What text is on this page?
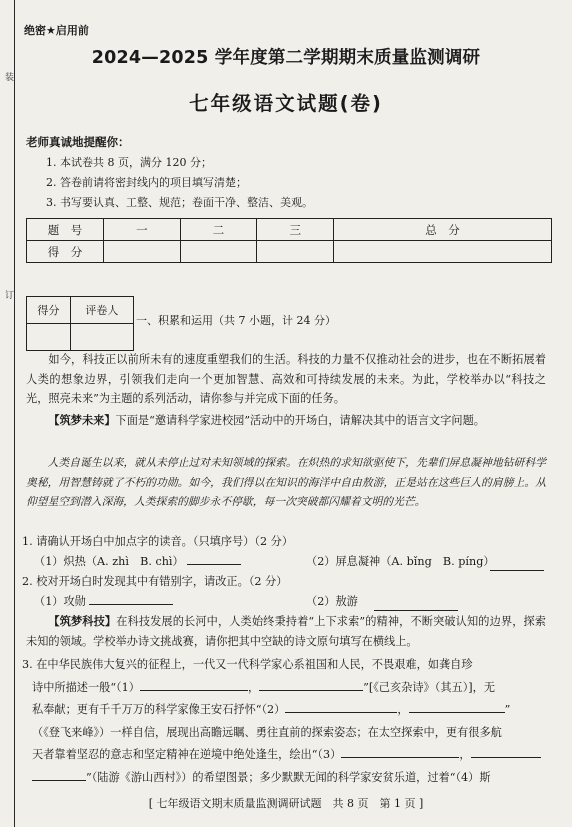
装
订
绝密★启用前
2024—2025 学年度第二学期期末质量监测调研
七年级语文试题(卷)
老师真诚地提醒你：
1. 本试卷共 8 页，满分 120 分；
2. 答卷前请将密封线内的项目填写清楚；
3. 书写要认真、工整、规范；卷面干净、整洁、美观。
题　号	一	二	三	总　分
得　分				
得分	评卷人

一、积累和运用（共 7 小题，计 24 分）

如今，科技正以前所未有的速度重塑我们的生活。科技的力量不仅推动社会的进步，也在不断拓展着人类的想象边界，引领我们走向一个更加智慧、高效和可持续发展的未来。为此，学校举办以“科技之光，照亮未来”为主题的系列活动，请你参与并完成下面的任务。

【筑梦未来】下面是“邀请科学家进校园”活动中的开场白，请解决其中的语言文字问题。

人类自诞生以来，就从未停止过对未知领域的探索。在炽热的求知欲驱使下，先辈们屏息凝神地钻研科学奥秘，用智慧铸就了不朽的功勋。如今，我们得以在知识的海洋中自由敖游，正是站在这些巨人的肩膀上。从仰望星空到潜入深海，人类探索的脚步永不停歇，每一次突破都闪耀着文明的光芒。

1. 请确认开场白中加点字的读音。（只填序号）（2 分）
（1）炽热（A. zhì　B. chì）	（2）屏息凝神（A. bǐng　B. píng）
2. 校对开场白时发现其中有错别字，请改正。（2 分）
（1）攻勋	（2）敖游

【筑梦科技】在科技发展的长河中，人类始终秉持着“上下求索”的精神，不断突破认知的边界，探索未知的领域。学校举办诗文挑战赛，请你把其中空缺的诗文原句填写在横线上。

3. 在中华民族伟大复兴的征程上，一代又一代科学家心系祖国和人民，不畏艰难，如龚自珍
诗中所描述一般“（1）	，	”[《己亥杂诗》（其五）]，无
私奉献；更有千千万万的科学家像王安石抒怀“（2）	，	”
（《登飞来峰》）一样自信，展现出高瞻远瞩、勇往直前的探索姿态；在太空探索中，更有很多航
天者靠着坚忍的意志和坚定精神在逆境中绝处逢生，绘出“（3）	，
”（陆游《游山西村》）的希望图景；多少默默无闻的科学家安贫乐道，过着“（4）斯
[ 七年级语文期末质量监测调研试题　共 8 页　第 1 页 ]
